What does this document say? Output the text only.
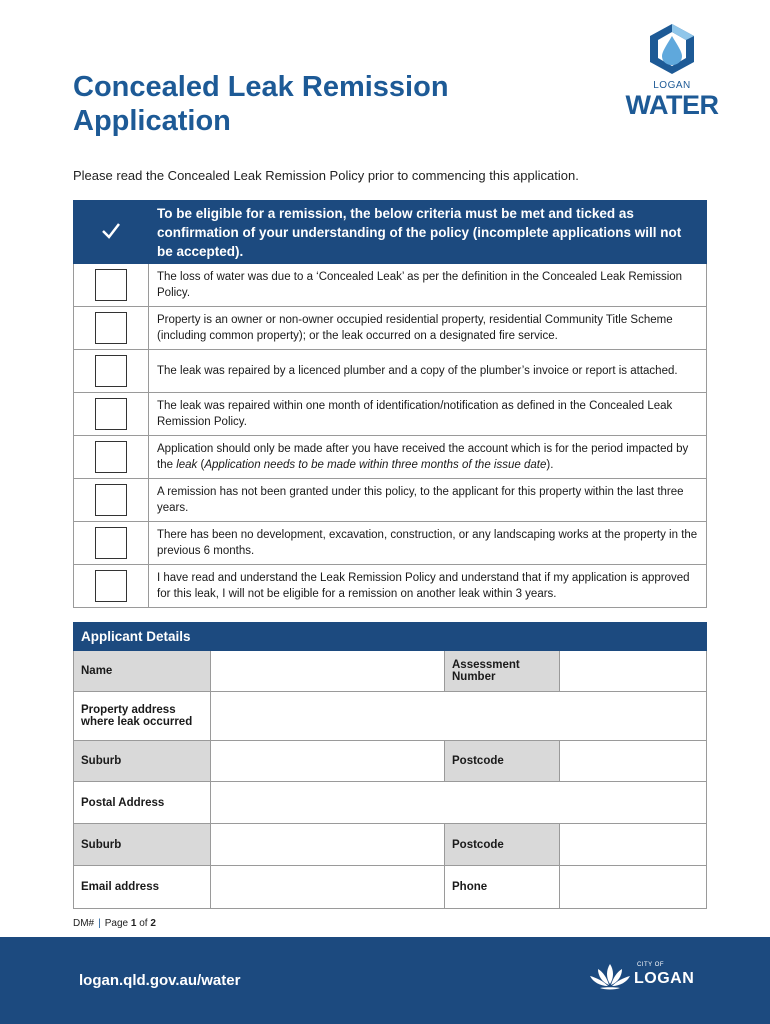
Concealed Leak Remission Application	WATER
LOGAN

Please read the Concealed Leak Remission Policy prior to commencing this application.

	To be eligible for a remission, the below criteria must be met and ticked as confirmation of your understanding of the policy (incomplete applications will not be accepted).
	The loss of water was due to a ‘Concealed Leak’ as per the definition in the Concealed Leak Remission Policy.
	Property is an owner or non-owner occupied residential property, residential Community Title Scheme (including common property); or the leak occurred on a designated fire service.
	The leak was repaired by a licenced plumber and a copy of the plumber’s invoice or report is attached.
	The leak was repaired within one month of identification/notification as defined in the Concealed Leak Remission Policy.
	Application should only be made after you have received the account which is for the period impacted by the leak (Application needs to be made within three months of the issue date).
	A remission has not been granted under this policy, to the applicant for this property within the last three years.
	There has been no development, excavation, construction, or any landscaping works at the property in the previous 6 months.
	I have read and understand the Leak Remission Policy and understand that if my application is approved for this leak, I will not be eligible for a remission on another leak within 3 years.
Applicant Details			
Name		Assessment Number	
Property address where leak occurred			
Suburb		Postcode	
Postal Address			
Suburb		Postcode	
Email address		Phone	
DM# | Page 1 of 2
logan.qld.gov.au/water
CITY OF
LOGAN
